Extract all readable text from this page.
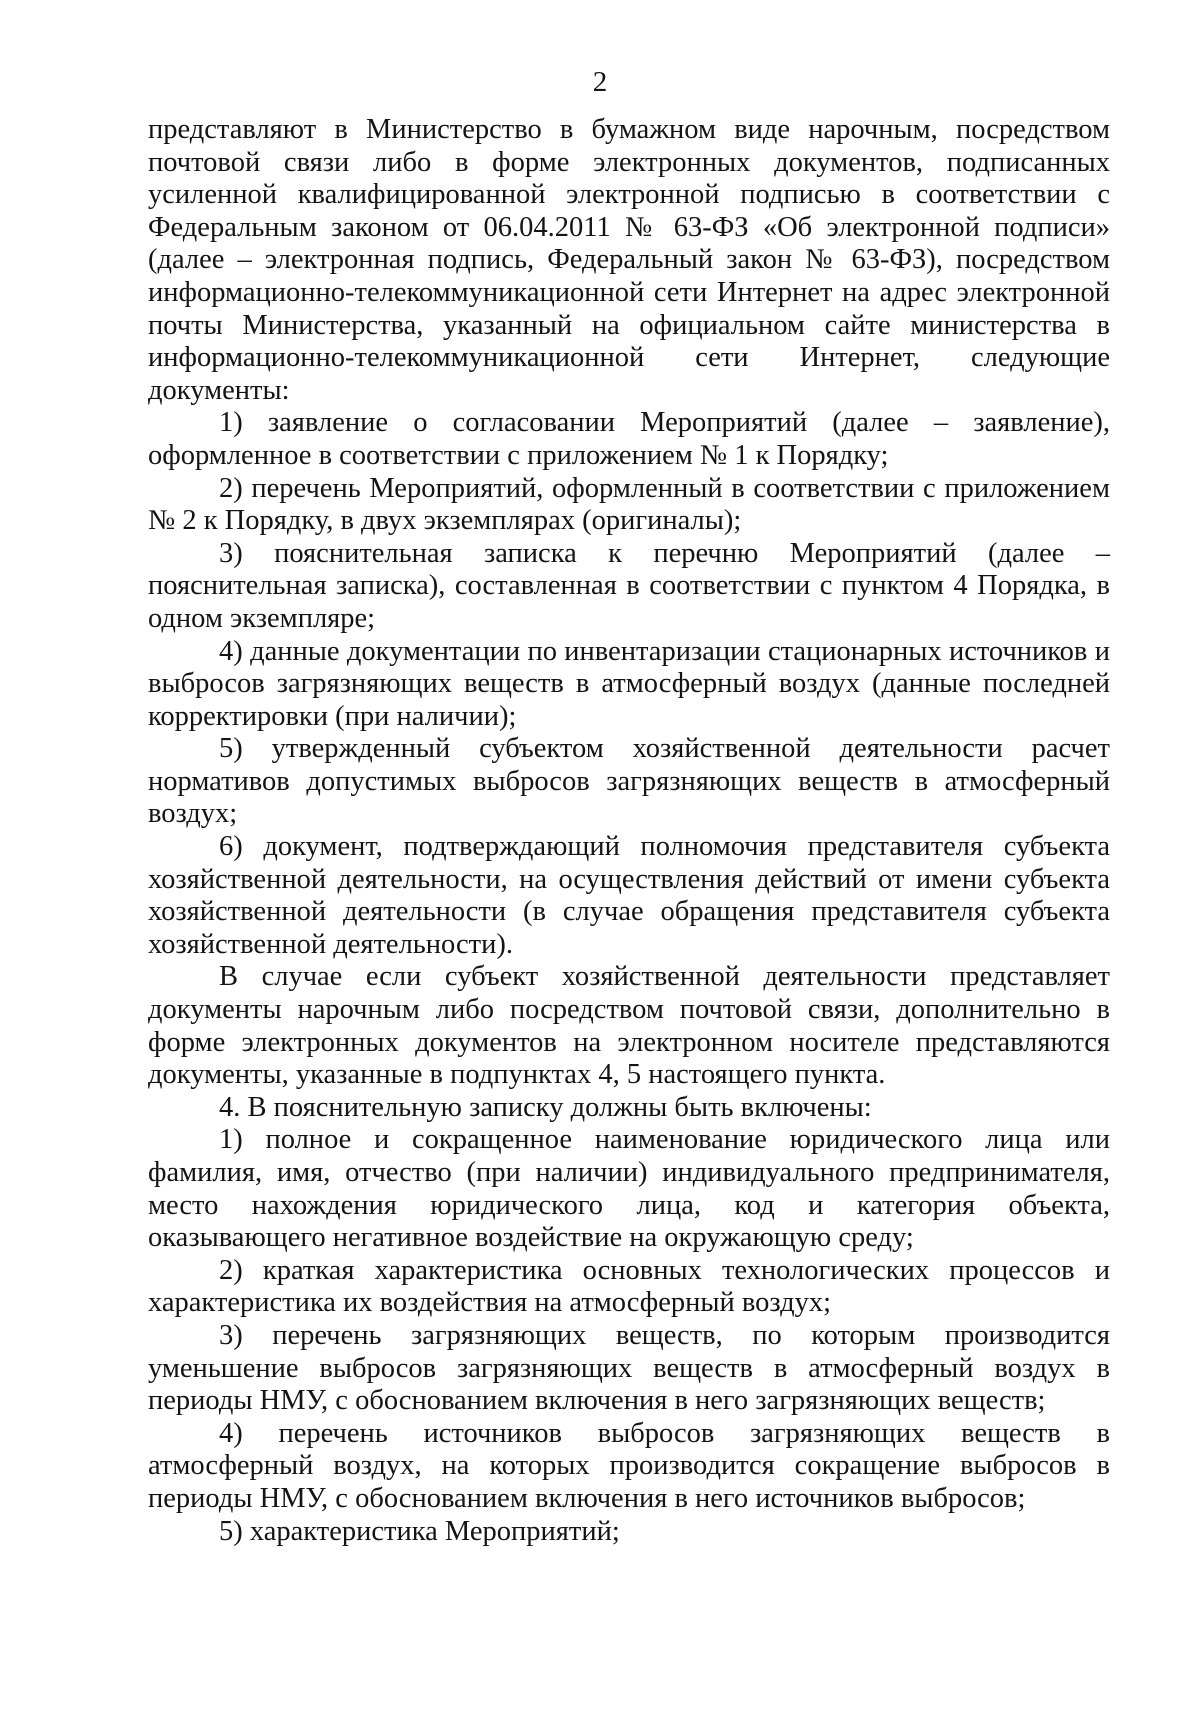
2

представляют в Министерство в бумажном виде нарочным, посредством почтовой связи либо в форме электронных документов, подписанных усиленной квалифицированной электронной подписью в соответствии с Федеральным законом от 06.04.2011 № 63-ФЗ «Об электронной подписи» (далее – электронная подпись, Федеральный закон № 63-ФЗ), посредством информационно-телекоммуникационной сети Интернет на адрес электронной почты Министерства, указанный на официальном сайте министерства в информационно-телекоммуникационной сети Интернет, следующие документы:

1) заявление о согласовании Мероприятий (далее – заявление), оформленное в соответствии с приложением № 1 к Порядку;

2) перечень Мероприятий, оформленный в соответствии с приложением № 2 к Порядку, в двух экземплярах (оригиналы);

3) пояснительная записка к перечню Мероприятий (далее – пояснительная записка), составленная в соответствии с пунктом 4 Порядка, в одном экземпляре;

4) данные документации по инвентаризации стационарных источников и выбросов загрязняющих веществ в атмосферный воздух (данные последней корректировки (при наличии);

5) утвержденный субъектом хозяйственной деятельности расчет нормативов допустимых выбросов загрязняющих веществ в атмосферный воздух;

6) документ, подтверждающий полномочия представителя субъекта хозяйственной деятельности, на осуществления действий от имени субъекта хозяйственной деятельности (в случае обращения представителя субъекта хозяйственной деятельности).

В случае если субъект хозяйственной деятельности представляет документы нарочным либо посредством почтовой связи, дополнительно в форме электронных документов на электронном носителе представляются документы, указанные в подпунктах 4, 5 настоящего пункта.

4. В пояснительную записку должны быть включены:

1) полное и сокращенное наименование юридического лица или фамилия, имя, отчество (при наличии) индивидуального предпринимателя, место нахождения юридического лица, код и категория объекта, оказывающего негативное воздействие на окружающую среду;

2) краткая характеристика основных технологических процессов и характеристика их воздействия на атмосферный воздух;

3) перечень загрязняющих веществ, по которым производится уменьшение выбросов загрязняющих веществ в атмосферный воздух в периоды НМУ, с обоснованием включения в него загрязняющих веществ;

4) перечень источников выбросов загрязняющих веществ в атмосферный воздух, на которых производится сокращение выбросов в периоды НМУ, с обоснованием включения в него источников выбросов;

5) характеристика Мероприятий;
